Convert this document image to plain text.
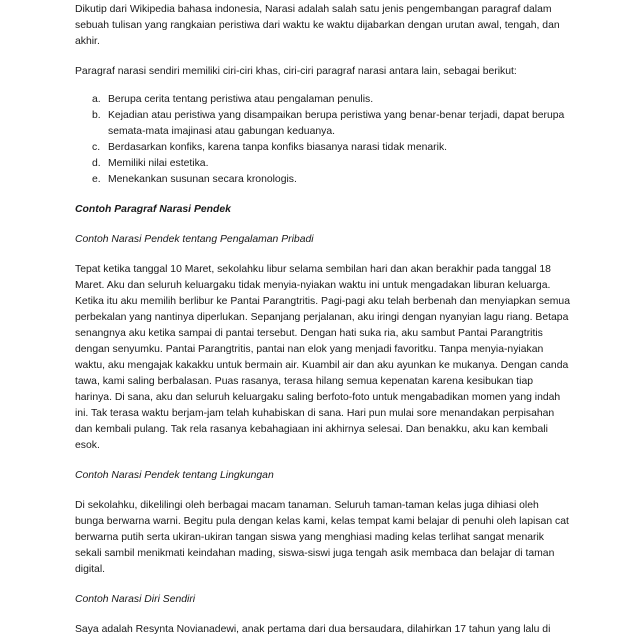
Dikutip dari Wikipedia bahasa indonesia, Narasi adalah salah satu jenis pengembangan paragraf dalam sebuah tulisan yang rangkaian peristiwa dari waktu ke waktu dijabarkan dengan urutan awal, tengah, dan akhir.

Paragraf narasi sendiri memiliki ciri-ciri khas, ciri-ciri paragraf narasi antara lain, sebagai berikut:

a. Berupa cerita tentang peristiwa atau pengalaman penulis.
b. Kejadian atau peristiwa yang disampaikan berupa peristiwa yang benar-benar terjadi, dapat berupa semata-mata imajinasi atau gabungan keduanya.
c. Berdasarkan konfiks, karena tanpa konfiks biasanya narasi tidak menarik.
d. Memiliki nilai estetika.
e. Menekankan susunan secara kronologis.

Contoh Paragraf Narasi Pendek

Contoh Narasi Pendek tentang Pengalaman Pribadi

Tepat ketika tanggal 10 Maret, sekolahku libur selama sembilan hari dan akan berakhir pada tanggal 18 Maret. Aku dan seluruh keluargaku tidak menyia-nyiakan waktu ini untuk mengadakan liburan keluarga. Ketika itu aku memilih berlibur ke Pantai Parangtritis. Pagi-pagi aku telah berbenah dan menyiapkan semua perbekalan yang nantinya diperlukan. Sepanjang perjalanan, aku iringi dengan nyanyian lagu riang. Betapa senangnya aku ketika sampai di pantai tersebut. Dengan hati suka ria, aku sambut Pantai Parangtritis dengan senyumku. Pantai Parangtritis, pantai nan elok yang menjadi favoritku. Tanpa menyia-nyiakan waktu, aku mengajak kakakku untuk bermain air. Kuambil air dan aku ayunkan ke mukanya. Dengan canda tawa, kami saling berbalasan. Puas rasanya, terasa hilang semua kepenatan karena kesibukan tiap harinya. Di sana, aku dan seluruh keluargaku saling berfoto-foto untuk mengabadikan momen yang indah ini. Tak terasa waktu berjam-jam telah kuhabiskan di sana. Hari pun mulai sore menandakan perpisahan dan kembali pulang. Tak rela rasanya kebahagiaan ini akhirnya selesai. Dan benakku, aku kan kembali esok.

Contoh Narasi Pendek tentang Lingkungan

Di sekolahku, dikelilingi oleh berbagai macam tanaman. Seluruh taman-taman kelas juga dihiasi oleh bunga berwarna warni. Begitu pula dengan kelas kami, kelas tempat kami belajar di penuhi oleh lapisan cat berwarna putih serta ukiran-ukiran tangan siswa yang menghiasi mading kelas terlihat sangat menarik sekali sambil menikmati keindahan mading, siswa-siswi juga tengah asik membaca dan belajar di taman digital.

Contoh Narasi Diri Sendiri

Saya adalah Resynta Novianadewi, anak pertama dari dua bersaudara, dilahirkan 17 tahun yang lalu di
